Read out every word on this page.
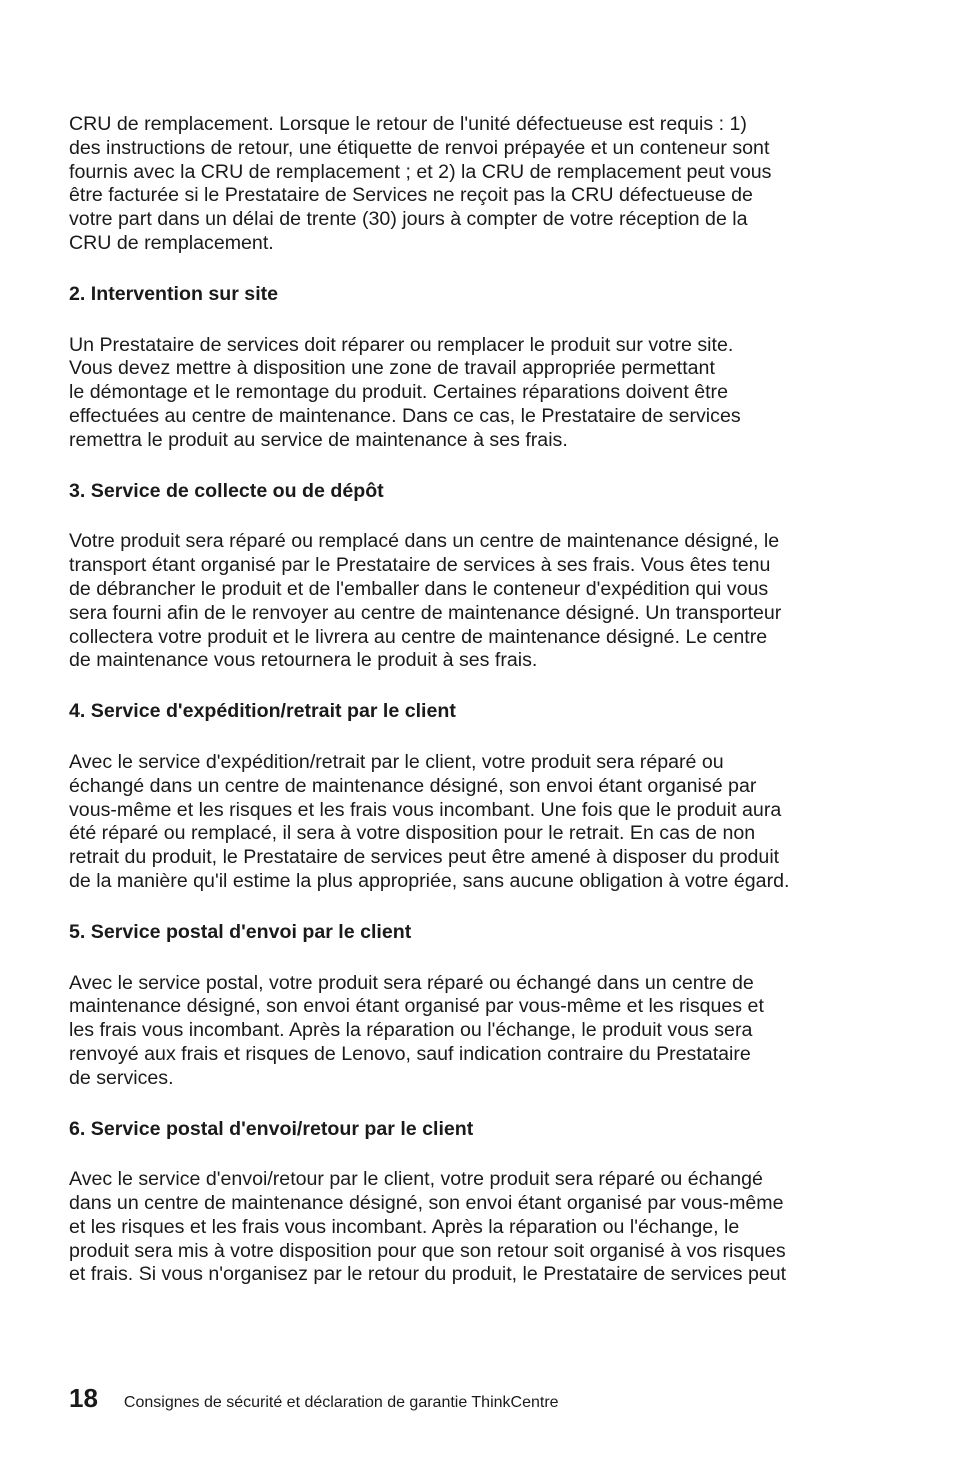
CRU de remplacement. Lorsque le retour de l'unité défectueuse est requis : 1)
des instructions de retour, une étiquette de renvoi prépayée et un conteneur sont
fournis avec la CRU de remplacement ; et 2) la CRU de remplacement peut vous
être facturée si le Prestataire de Services ne reçoit pas la CRU défectueuse de
votre part dans un délai de trente (30) jours à compter de votre réception de la
CRU de remplacement.

2. Intervention sur site

Un Prestataire de services doit réparer ou remplacer le produit sur votre site.
Vous devez mettre à disposition une zone de travail appropriée permettant
le démontage et le remontage du produit. Certaines réparations doivent être
effectuées au centre de maintenance. Dans ce cas, le Prestataire de services
remettra le produit au service de maintenance à ses frais.

3. Service de collecte ou de dépôt

Votre produit sera réparé ou remplacé dans un centre de maintenance désigné, le
transport étant organisé par le Prestataire de services à ses frais. Vous êtes tenu
de débrancher le produit et de l'emballer dans le conteneur d'expédition qui vous
sera fourni afin de le renvoyer au centre de maintenance désigné. Un transporteur
collectera votre produit et le livrera au centre de maintenance désigné. Le centre
de maintenance vous retournera le produit à ses frais.

4. Service d'expédition/retrait par le client

Avec le service d'expédition/retrait par le client, votre produit sera réparé ou
échangé dans un centre de maintenance désigné, son envoi étant organisé par
vous-même et les risques et les frais vous incombant. Une fois que le produit aura
été réparé ou remplacé, il sera à votre disposition pour le retrait. En cas de non
retrait du produit, le Prestataire de services peut être amené à disposer du produit
de la manière qu'il estime la plus appropriée, sans aucune obligation à votre égard.

5. Service postal d'envoi par le client

Avec le service postal, votre produit sera réparé ou échangé dans un centre de
maintenance désigné, son envoi étant organisé par vous-même et les risques et
les frais vous incombant. Après la réparation ou l'échange, le produit vous sera
renvoyé aux frais et risques de Lenovo, sauf indication contraire du Prestataire
de services.

6. Service postal d'envoi/retour par le client

Avec le service d'envoi/retour par le client, votre produit sera réparé ou échangé
dans un centre de maintenance désigné, son envoi étant organisé par vous-même
et les risques et les frais vous incombant. Après la réparation ou l'échange, le
produit sera mis à votre disposition pour que son retour soit organisé à vos risques
et frais. Si vous n'organisez par le retour du produit, le Prestataire de services peut

18 Consignes de sécurité et déclaration de garantie ThinkCentre
